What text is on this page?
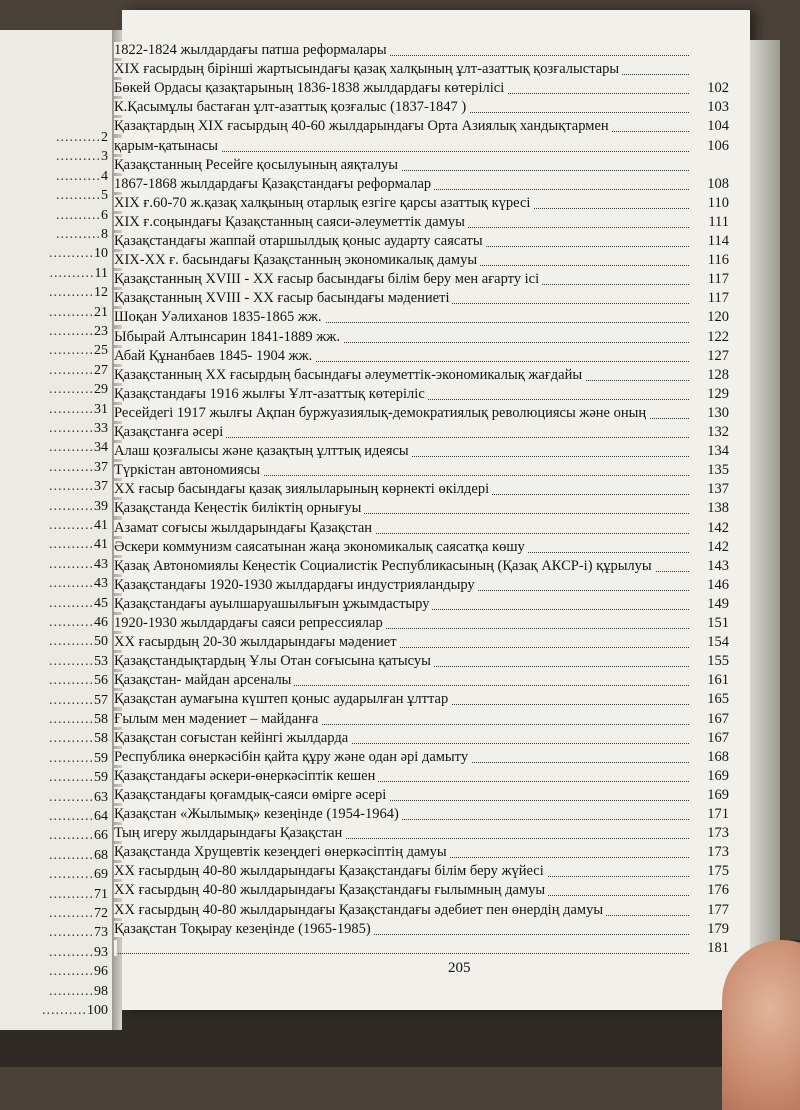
..........2
..........3
..........4
..........5
..........6
..........8
..........10
..........11
..........12
..........21
..........23
..........25
..........27
..........29
..........31
..........33
..........34
..........37
..........37
..........39
..........41
..........41
..........43
..........43
..........45
..........46
..........50
..........53
..........56
..........57
..........58
..........58
..........59
..........59
..........63
..........64
..........66
..........68
..........69
..........71
..........72
..........73
..........93
..........96
..........98
..........100
1822-1824 жылдардағы патша реформалары
XIX ғасырдың бірінші жартысындағы қазақ халқының ұлт-азаттық қозғалыстары
Бөкей Ордасы қазақтарының 1836-1838 жылдардағы көтерілісі	102
К.Қасымұлы бастаған ұлт-азаттық қозғалыс (1837-1847 )	103
Қазақтардың XIX ғасырдың 40-60 жылдарындағы Орта Азиялық хандықтармен	104
қарым-қатынасы	106
Қазақстанның Ресейге қосылуының аяқталуы
1867-1868 жылдардағы Қазақстандағы реформалар	108
XIX ғ.60-70 ж.қазақ халқының отарлық езгіге қарсы азаттық күресі	110
XIX ғ.соңындағы Қазақстанның саяси-әлеуметтік дамуы	111
Қазақстандағы жаппай отаршылдық қоныс аударту саясаты	114
XIX-XX ғ. басындағы Қазақстанның экономикалық дамуы	116
Қазақстанның XVIII - XX ғасыр басындағы білім беру мен ағарту ісі	117
Қазақстанның XVIII - XX ғасыр басындағы мәдениеті	117
Шоқан Уәлиханов 1835-1865 жж.	120
Ыбырай Алтынсарин 1841-1889 жж.	122
Абай Құнанбаев 1845- 1904 жж.	127
Қазақстанның XX ғасырдың басындағы әлеуметтік-экономикалық жағдайы	128
Қазақстандағы 1916 жылғы Ұлт-азаттық көтеріліс	129
Ресейдегі 1917 жылғы Ақпан буржуазиялық-демократиялық революциясы және оның	130
Қазақстанға әсері	132
Алаш қозғалысы және қазақтың ұлттық идеясы	134
Түркістан автономиясы	135
XX ғасыр басындағы қазақ зиялыларының көрнекті өкілдері	137
Қазақстанда Кеңестік биліктің орнығуы	138
Азамат соғысы жылдарындағы Қазақстан	142
Әскери коммунизм саясатынан жаңа экономикалық саясатқа көшу	142
Қазақ Автономиялы Кеңестік Социалистік Республикасының (Қазақ АКСР-і) құрылуы	143
Қазақстандағы 1920-1930 жылдардағы индустрияландыру	146
Қазақстандағы ауылшаруашылығын ұжымдастыру	149
1920-1930 жылдардағы саяси репрессиялар	151
XX ғасырдың 20-30 жылдарындағы мәдениет	154
Қазақстандықтардың Ұлы Отан соғысына қатысуы	155
Қазақстан- майдан арсеналы	161
Қазақстан аумағына күштеп қоныс аударылған ұлттар	165
Ғылым мен мәдениет – майданға	167
Қазақстан соғыстан кейінгі жылдарда	167
Республика өнеркәсібін қайта құру және одан әрі дамыту	168
Қазақстандағы әскери-өнеркәсіптік кешен	169
Қазақстандағы қоғамдық-саяси өмірге әсері	169
Қазақстан «Жылымық» кезеңінде (1954-1964)	171
Тың игеру жылдарындағы Қазақстан	173
Қазақстанда Хрущевтік кезеңдегі өнеркәсіптің дамуы	173
XX ғасырдың 40-80 жылдарындағы Қазақстандағы білім беру жүйесі	175
XX ғасырдың 40-80 жылдарындағы Қазақстандағы ғылымның дамуы	176
XX ғасырдың 40-80 жылдарындағы Қазақстандағы әдебиет пен өнердің дамуы	177
Қазақстан Тоқырау кезеңінде (1965-1985)	179
181
205
